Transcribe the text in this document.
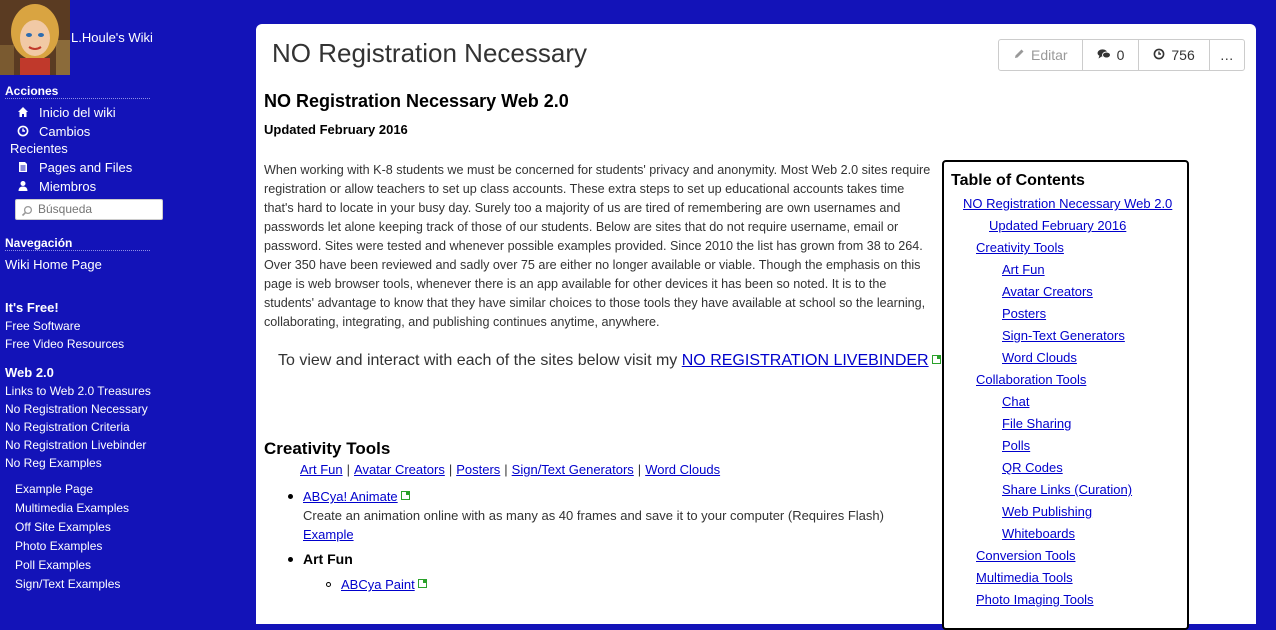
L.Houle's Wiki
Acciones
Inicio del wiki
Cambios
Recientes
Pages and Files
Miembros
Búsqueda
Navegación
Wiki Home Page
It's Free!
Free Software
Free Video Resources
Web 2.0
Links to Web 2.0 Treasures
No Registration Necessary
No Registration Criteria
No Registration Livebinder
No Reg Examples
Example Page
Multimedia Examples
Off Site Examples
Photo Examples
Poll Examples
Sign/Text Examples
NO Registration Necessary	Editar	0	756	…
NO Registration Necessary Web 2.0
Updated February 2016

When working with K-8 students we must be concerned for students' privacy and anonymity. Most Web 2.0 sites require registration or allow teachers to set up class accounts. These extra steps to set up educational accounts takes time that's hard to locate in your busy day. Surely too a majority of us are tired of remembering are own usernames and passwords let alone keeping track of those of our students. Below are sites that do not require username, email or password. Sites were tested and whenever possible examples provided. Since 2010 the list has grown from 38 to 264. Over 350 have been reviewed and sadly over 75 are either no longer available or viable. Though the emphasis on this page is web browser tools, whenever there is an app available for other devices it has been so noted. It is to the students' advantage to know that they have similar choices to those tools they have available at school so the learning, collaborating, integrating, and publishing continues anytime, anywhere.

To view and interact with each of the sites below visit my NO REGISTRATION LIVEBINDER
Creativity Tools
Art Fun | Avatar Creators | Posters | Sign/Text Generators | Word Clouds
ABCya! Animate
Create an animation online with as many as 40 frames and save it to your computer (Requires Flash)
Example
Art Fun
ABCya Paint
Table of Contents
NO Registration Necessary Web 2.0
Updated February 2016
Creativity Tools
Art Fun
Avatar Creators
Posters
Sign-Text Generators
Word Clouds
Collaboration Tools
Chat
File Sharing
Polls
QR Codes
Share Links (Curation)
Web Publishing
Whiteboards
Conversion Tools
Multimedia Tools
Photo Imaging Tools
